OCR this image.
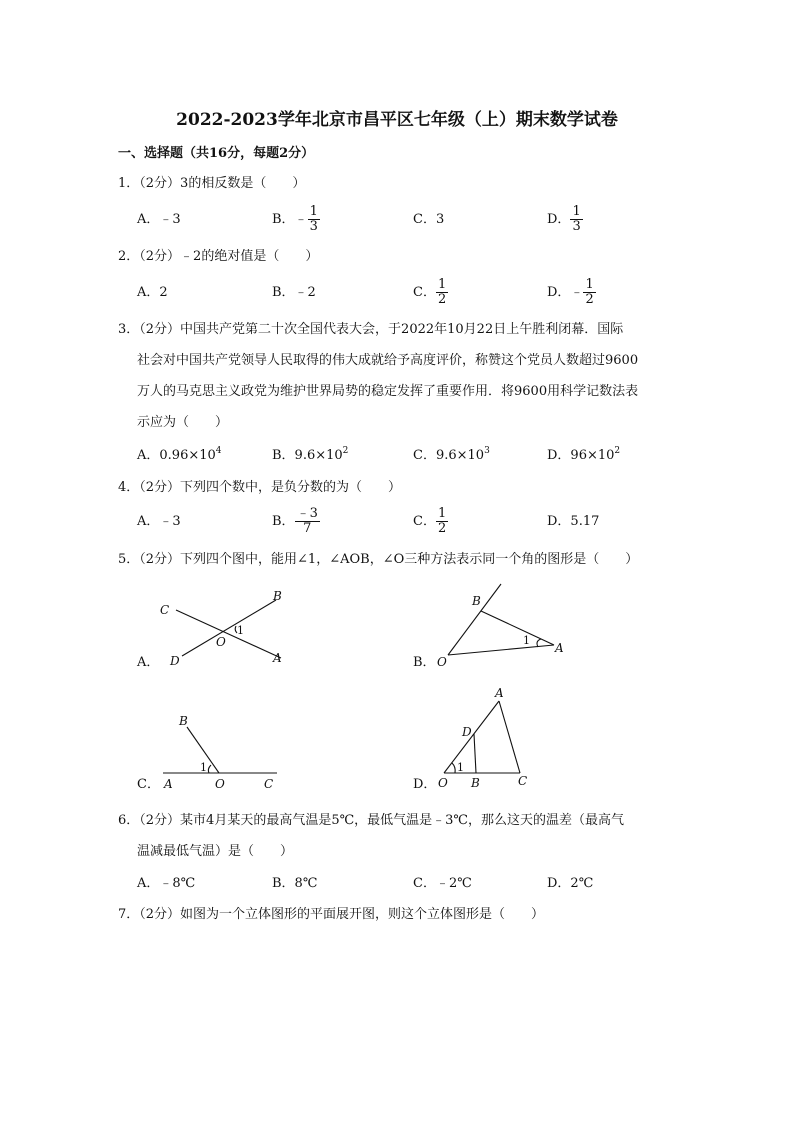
2022-2023学年北京市昌平区七年级（上）期末数学试卷
一、选择题（共16分，每题2分）
1．（2分）3的相反数是（　　）
A．﹣3	B．﹣ $\frac{1}{3}$	C．3	D． $\frac{1}{3}$
2．（2分）﹣2的绝对值是（　　）
A．2	B．﹣2	C． $\frac{1}{2}$	D．﹣ $\frac{1}{2}$
3．（2分）中国共产党第二十次全国代表大会，于2022年10月22日上午胜利闭幕．国际
社会对中国共产党领导人民取得的伟大成就给予高度评价，称赞这个党员人数超过9600
万人的马克思主义政党为维护世界局势的稳定发挥了重要作用．将9600用科学记数法表
示应为（　　）
A．$0.96\times 10^4$	B．$9.6\times 10^2$	C．$9.6\times 10^3$	D．$96\times 10^2$
4．（2分）下列四个数中，是负分数的为（　　）
A．﹣3	B． $\frac{﹣3}{7}$	C． $\frac{1}{2}$	D．5.17
5．（2分）下列四个图中，能用∠1，∠AOB，∠O三种方法表示同一个角的图形是（　　）
A．
C
B
O
D	A
1
B．
B
O
A
1
C．
B
A	O	C
1
D．
A
D
O B	C
1
6．（2分）某市4月某天的最高气温是5℃，最低气温是﹣3℃，那么这天的温差（最高气
温减最低气温）是（　　）
A．﹣8℃	B．8℃	C．﹣2℃	D．2℃
7．（2分）如图为一个立体图形的平面展开图，则这个立体图形是（　　）
